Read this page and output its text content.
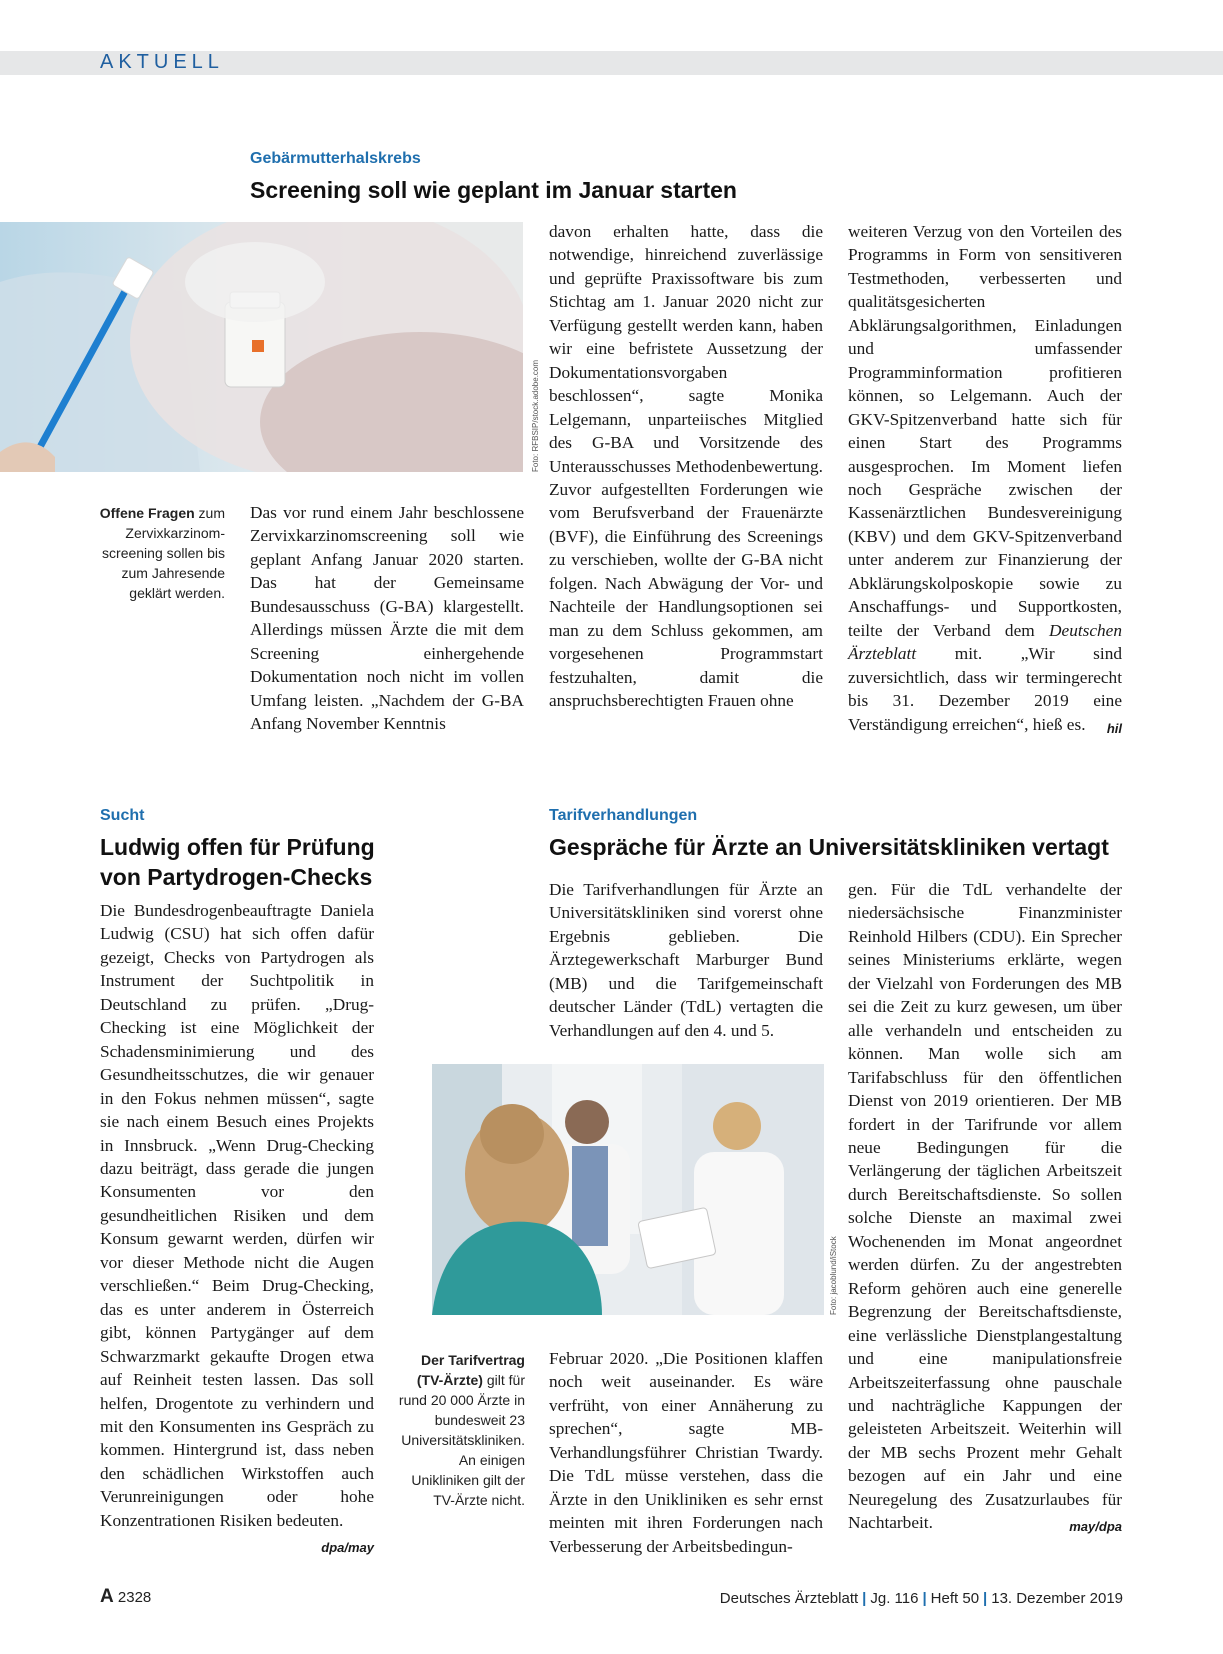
AKTUELL
Gebärmutterhalskrebs
Screening soll wie geplant im Januar starten
Foto: RFBSIP/stock.adobe.com
Offene Fragen zum Zervixkarzinomscreening sollen bis zum Jahresende geklärt werden.

Das vor rund einem Jahr beschlossene Zervixkarzinomscreening soll wie geplant Anfang Januar 2020 starten. Das hat der Gemeinsame Bundesausschuss (G-BA) klargestellt. Allerdings müssen Ärzte die mit dem Screening einhergehende Dokumentation noch nicht im vollen Umfang leisten. „Nachdem der G-BA Anfang November Kenntnis

davon erhalten hatte, dass die notwendige, hinreichend zuverlässige und geprüfte Praxissoftware bis zum Stichtag am 1. Januar 2020 nicht zur Verfügung gestellt werden kann, haben wir eine befristete Aussetzung der Dokumentationsvorgaben beschlossen“, sagte Monika Lelgemann, unparteiisches Mitglied des G-BA und Vorsitzende des Unterausschusses Methodenbewertung. Zuvor aufgestellten Forderungen wie vom Berufsverband der Frauenärzte (BVF), die Einführung des Screenings zu verschieben, wollte der G-BA nicht folgen. Nach Abwägung der Vor- und Nachteile der Handlungsoptionen sei man zu dem Schluss gekommen, am vorgesehenen Programmstart festzuhalten, damit die anspruchsberechtigten Frauen ohne

weiteren Verzug von den Vorteilen des Programms in Form von sensitiveren Testmethoden, verbesserten und qualitätsgesicherten Abklärungsalgorithmen, Einladungen und umfassender Programminformation profitieren können, so Lelgemann. Auch der GKV-Spitzenverband hatte sich für einen Start des Programms ausgesprochen. Im Moment liefen noch Gespräche zwischen der Kassenärztlichen Bundesvereinigung (KBV) und dem GKV-Spitzenverband unter anderem zur Finanzierung der Abklärungskolposkopie sowie zu Anschaffungs- und Supportkosten, teilte der Verband dem Deutschen Ärzteblatt mit. „Wir sind zuversichtlich, dass wir termingerecht bis 31. Dezember 2019 eine Verständigung erreichen“, hieß es. hil

Sucht
Ludwig offen für Prüfung
von Partydrogen-Checks

Die Bundesdrogenbeauftragte Daniela Ludwig (CSU) hat sich offen dafür gezeigt, Checks von Partydrogen als Instrument der Suchtpolitik in Deutschland zu prüfen. „Drug-Checking ist eine Möglichkeit der Schadensminimierung und des Gesundheitsschutzes, die wir genauer in den Fokus nehmen müssen“, sagte sie nach einem Besuch eines Projekts in Innsbruck. „Wenn Drug-Checking dazu beiträgt, dass gerade die jungen Konsumenten vor den gesundheitlichen Risiken und dem Konsum gewarnt werden, dürfen wir vor dieser Methode nicht die Augen verschließen.“ Beim Drug-Checking, das es unter anderem in Österreich gibt, können Partygänger auf dem Schwarzmarkt gekaufte Drogen etwa auf Reinheit testen lassen. Das soll helfen, Drogentote zu verhindern und mit den Konsumenten ins Gespräch zu kommen. Hintergrund ist, dass neben den schädlichen Wirkstoffen auch Verunreinigungen oder hohe Konzentrationen Risiken bedeuten.
dpa/may

Tarifverhandlungen
Gespräche für Ärzte an Universitätskliniken vertagt

Die Tarifverhandlungen für Ärzte an Universitätskliniken sind vorerst ohne Ergebnis geblieben. Die Ärztegewerkschaft Marburger Bund (MB) und die Tarifgemeinschaft deutscher Länder (TdL) vertagten die Verhandlungen auf den 4. und 5.

Foto: jacoblund/iStock
Der Tarifvertrag (TV-Ärzte) gilt für rund 20 000 Ärzte in bundesweit 23 Universitätskliniken. An einigen Unikliniken gilt der TV-Ärzte nicht.

Februar 2020. „Die Positionen klaffen noch weit auseinander. Es wäre verfrüht, von einer Annäherung zu sprechen“, sagte MB-Verhandlungsführer Christian Twardy. Die TdL müsse verstehen, dass die Ärzte in den Unikliniken es sehr ernst meinten mit ihren Forderungen nach Verbesserung der Arbeitsbedingun-

gen. Für die TdL verhandelte der niedersächsische Finanzminister Reinhold Hilbers (CDU). Ein Sprecher seines Ministeriums erklärte, wegen der Vielzahl von Forderungen des MB sei die Zeit zu kurz gewesen, um über alle verhandeln und entscheiden zu können. Man wolle sich am Tarifabschluss für den öffentlichen Dienst von 2019 orientieren. Der MB fordert in der Tarifrunde vor allem neue Bedingungen für die Verlängerung der täglichen Arbeitszeit durch Bereitschaftsdienste. So sollen solche Dienste an maximal zwei Wochenenden im Monat angeordnet werden dürfen. Zu der angestrebten Reform gehören auch eine generelle Begrenzung der Bereitschaftsdienste, eine verlässliche Dienstplangestaltung und eine manipulationsfreie Arbeitszeiterfassung ohne pauschale und nachträgliche Kappungen der geleisteten Arbeitszeit. Weiterhin will der MB sechs Prozent mehr Gehalt bezogen auf ein Jahr und eine Neuregelung des Zusatzurlaubes für Nachtarbeit.	may/dpa

A 2328	Deutsches Ärzteblatt | Jg. 116 | Heft 50 | 13. Dezember 2019
